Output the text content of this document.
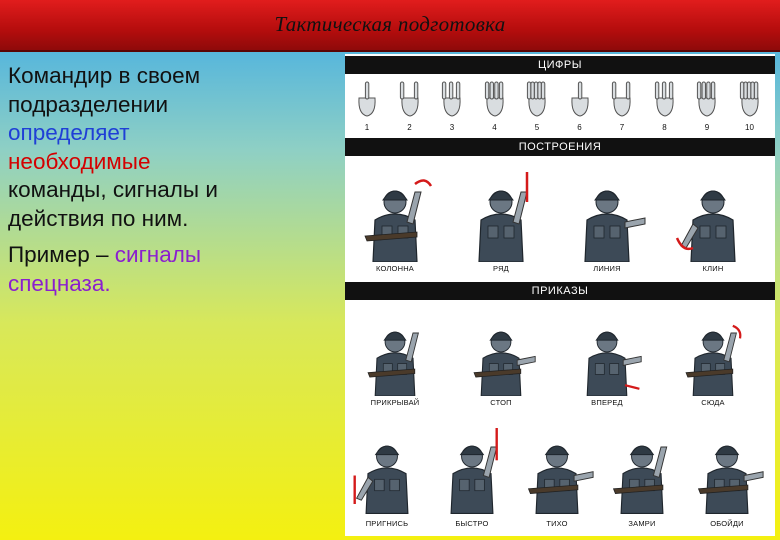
Тактическая подготовка
Командир в своем
подразделении
определяет
необходимые
команды, сигналы и
действия по ним.
Пример – сигналы
спецназа.
ЦИФРЫ
ПОСТРОЕНИЯ
ПРИКАЗЫ
1	2	3	4	5	6	7	8	9	10
КОЛОННА	РЯД	ЛИНИЯ	КЛИН
ПРИКРЫВАЙ	СТОП	ВПЕРЕД	СЮДА
ПРИГНИСЬ	БЫСТРО	ТИХО	ЗАМРИ	ОБОЙДИ
